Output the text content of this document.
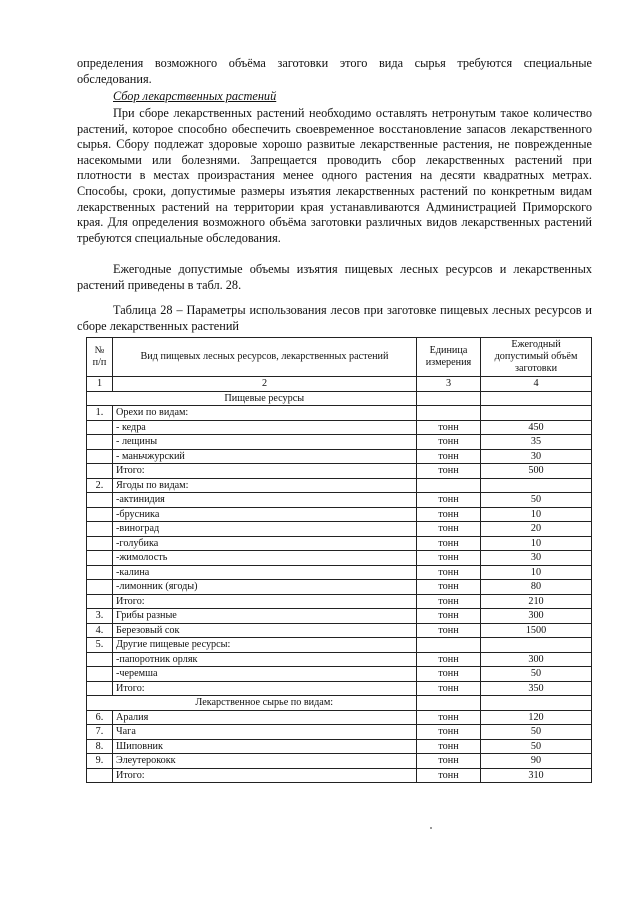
определения возможного объёма заготовки этого вида сырья требуются специальные обследования.

Сбор лекарственных растений

При сборе лекарственных растений необходимо оставлять нетронутым такое количество растений, которое способно обеспечить своевременное восстановление запасов лекарственного сырья. Сбору подлежат здоровые хорошо развитые лекарственные растения, не поврежденные насекомыми или болезнями. Запрещается проводить сбор лекарственных растений при плотности в местах произрастания менее одного растения на десяти квадратных метрах. Способы, сроки, допустимые размеры изъятия лекарственных растений по конкретным видам лекарственных растений на территории края устанавливаются Администрацией Приморского края. Для определения возможного объёма заготовки различных видов лекарственных растений требуются специальные обследования.

Ежегодные допустимые объемы изъятия пищевых лесных ресурсов и лекарственных растений приведены в табл. 28.

Таблица 28 – Параметры использования лесов при заготовке пищевых лесных ресурсов и сборе лекарственных растений

№ п/п	Вид пищевых лесных ресурсов, лекарственных растений	Единица измерения	Ежегодный допустимый объём заготовки
1	2	3	4
	Пищевые ресурсы		
1.	Орехи по видам:		
	- кедра	тонн	450
	- лещины	тонн	35
	- маньчжурский	тонн	30
	Итого:	тонн	500
2.	Ягоды по видам:		
	-актинидия	тонн	50
	-брусника	тонн	10
	-виноград	тонн	20
	-голубика	тонн	10
	-жимолость	тонн	30
	-калина	тонн	10
	-лимонник (ягоды)	тонн	80
	Итого:	тонн	210
3.	Грибы разные	тонн	300
4.	Березовый сок	тонн	1500
5.	Другие пищевые ресурсы:		
	-папоротник орляк	тонн	300
	-черемша	тонн	50
	Итого:	тонн	350
	Лекарственное сырье по видам:		
6.	Аралия	тонн	120
7.	Чага	тонн	50
8.	Шиповник	тонн	50
9.	Элеутерококк	тонн	90
	Итого:	тонн	310
